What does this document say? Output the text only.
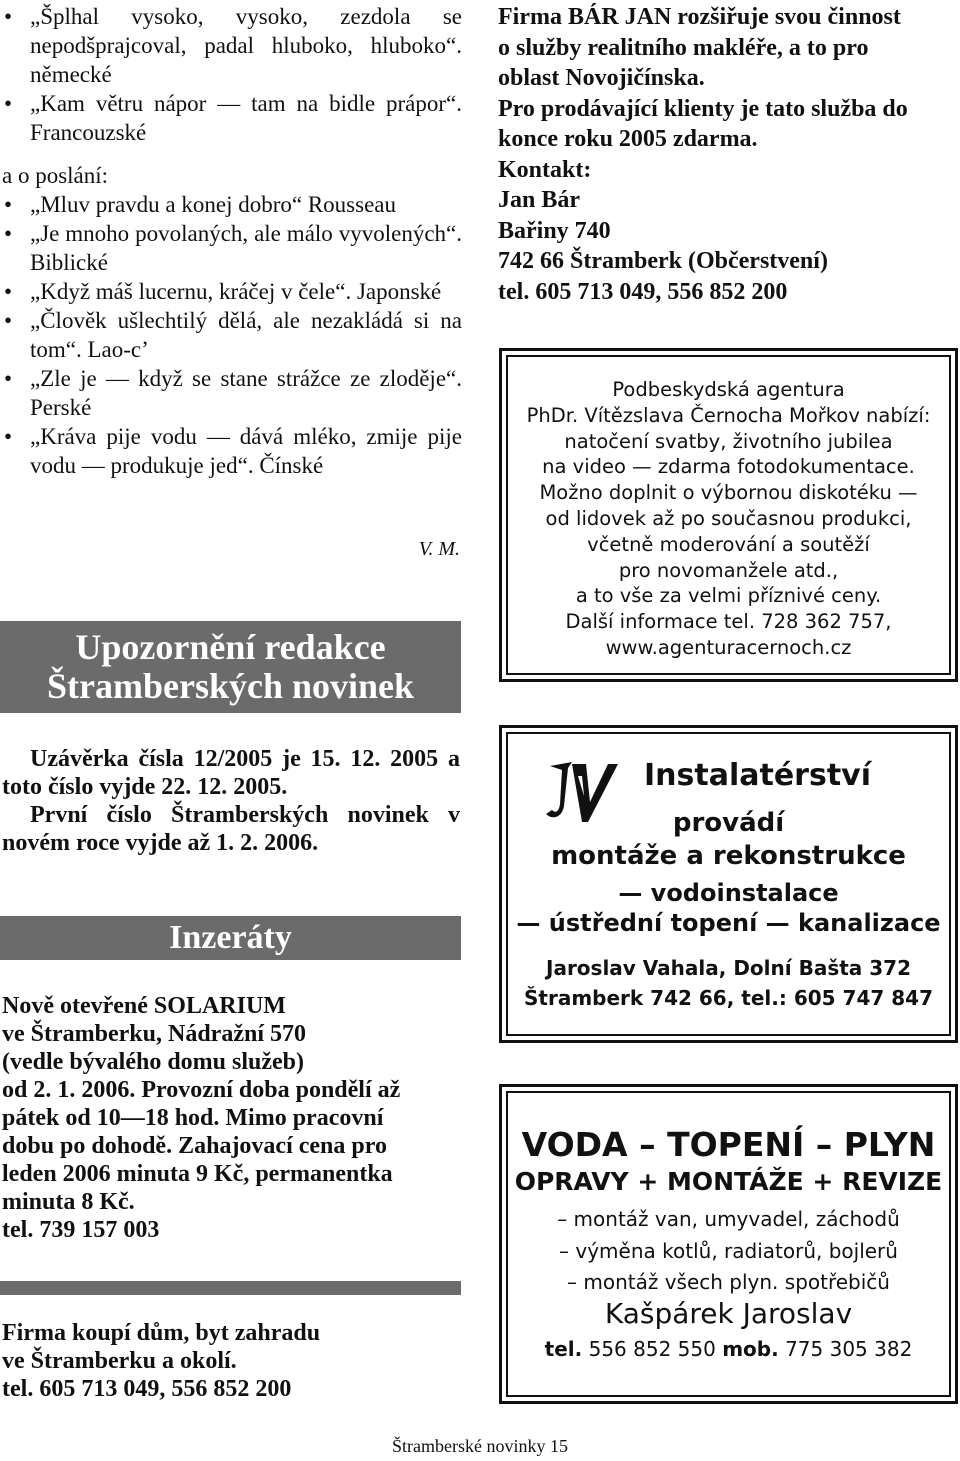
• „Šplhal vysoko, vysoko, zezdola se nepodšprajcoval, padal hluboko, hluboko“. německé
• „Kam větru nápor — tam na bidle prápor“. Francouzské
a o poslání:
• „Mluv pravdu a konej dobro“ Rousseau
• „Je mnoho povolaných, ale málo vyvolených“. Biblické
• „Když máš lucernu, kráčej v čele“. Japonské
• „Člověk ušlechtilý dělá, ale nezakládá si na tom“. Lao-c’
• „Zle je — když se stane strážce ze zloděje“. Perské
• „Kráva pije vodu — dává mléko, zmije pije vodu — produkuje jed“. Čínské
V. M.
Upozornění redakce
Štramberských novinek

Uzávěrka čísla 12/2005 je 15. 12. 2005 a toto číslo vyjde 22. 12. 2005.

První číslo Štramberských novinek v novém roce vyjde až 1. 2. 2006.

Inzeráty
Nově otevřené SOLARIUM
ve Štramberku, Nádražní 570
(vedle bývalého domu služeb)
od 2. 1. 2006. Provozní doba pondělí až
pátek od 10—18 hod. Mimo pracovní
dobu po dohodě. Zahajovací cena pro
leden 2006 minuta 9 Kč, permanentka
minuta 8 Kč.
tel. 739 157 003
Firma koupí dům, byt zahradu
ve Štramberku a okolí.
tel. 605 713 049, 556 852 200
Firma BÁR JAN rozšiřuje svou činnost
o služby realitního makléře, a to pro
oblast Novojičínska.
Pro prodávající klienty je tato služba do
konce roku 2005 zdarma.
Kontakt:
Jan Bár
Bařiny 740
742 66 Štramberk (Občerstvení)
tel. 605 713 049, 556 852 200
Podbeskydská agentura
PhDr. Vítězslava Černocha Mořkov nabízí:
natočení svatby, životního jubilea
na video — zdarma fotodokumentace.
Možno doplnit o výbornou diskotéku —
od lidovek až po současnou produkci,
včetně moderování a soutěží
pro novomanžele atd.,
a to vše za velmi příznivé ceny.
Další informace tel. 728 362 757,
www.agenturacernoch.cz
Instalatérství
provádí
montáže a rekonstrukce
— vodoinstalace
— ústřední topení — kanalizace
Jaroslav Vahala, Dolní Bašta 372
Štramberk 742 66, tel.: 605 747 847
VODA – TOPENÍ – PLYN
OPRAVY + MONTÁŽE + REVIZE
– montáž van, umyvadel, záchodů
– výměna kotlů, radiatorů, bojlerů
– montáž všech plyn. spotřebičů
Kašpárek Jaroslav
tel. 556 852 550 mob. 775 305 382
Štramberské novinky 15
